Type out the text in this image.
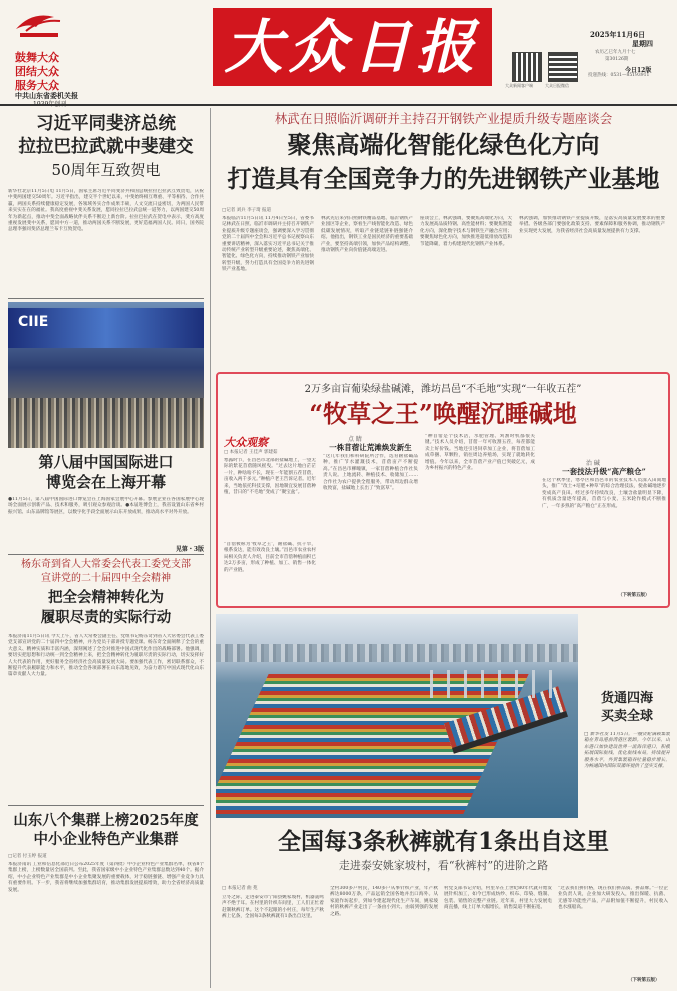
鼓舞大众
团结大众
服务大众
中共山东省委机关报
大众日报
大众新闻客户端	大众日报微信
2025年11月6日
星期四
农历乙巳年九月十七
第30126期
今日12版
投递热线：0531—85193911
习近平同斐济总统
拉拉巴拉武就中斐建交
50周年互致贺电
新华社北京11月5日电 11月5日，国家主席习近平同斐济共和国总统拉拉巴拉武互致贺电，庆祝中斐两国建交50周年。习近平指出，建交半个世纪以来，中斐始终相互尊重、平等相待、合作共赢，两国关系持续健康稳定发展，各领域务实合作成果丰硕，人文交流日益密切，为两国人民带来实实在在的福祉。我高度重视中斐关系发展，愿同拉拉巴拉武总统一道努力，以两国建交50周年为新起点，推动中斐全面战略伙伴关系不断迈上新台阶。拉拉巴拉武在贺电中表示，斐方高度重视发展斐中关系，愿同中方一道，推动两国关系不断发展，更好造福两国人民。同日，国务院总理李强同斐济总理兰布卡互致贺电。
CIIE
第八届中国国际进口
博览会在上海开幕
●11月5日，第八届中国国际进口博览会在上海国家会展中心开幕。参展企业在各国家展中心现场全面展示创新产品、技术和服务，吸引观众参观洽谈。●本届进博会上，我省设置山东省乡村振兴馆、山东品牌馆等展区，以数字化手段全面展示山东开放成果，推动高水平对外开放。
见第・3版
杨东奇到省人大常委会代表工委党支部
宣讲党的二十届四中全会精神
把全会精神转化为
履职尽责的实际行动
本报济南11月5日讯 今天上午，省人大常委会副主任、党组书记杨东奇到省人大常委会代表工委党支部宣讲党的二十届四中全会精神，并为党员干部讲授专题党课。杨东奇全面阐释了全会的重大意义、精神实质和丰富内涵，深刻阐述了全会对推进中国式现代化作出的战略部署。他强调，要切实把思想和行动统一到全会精神上来，把全会精神转化为履职尽责的实际行动，切实发挥好人大代表的作用，更好服务全省经济社会高质量发展大局。要加强代表工作，密切联系群众，不断提升代表履职能力和水平，推动全会各项部署在山东落地见效，为奋力谱写中国式现代化山东篇章贡献人大力量。
山东八个集群上榜2025年度
中小企业特色产业集群
□记者 付玉婷 报道
本报济南讯 工业和信息化部近日公布2025年度（第四批）中小企业特色产业集群名单，我省8个集群上榜，上榜数量居全国前列。至此，我省国家级中小企业特色产业集群总数达到40个。据介绍，中小企业特色产业集群是中小企业集聚发展的重要载体，对于稳链强链、增强产业竞争力具有重要作用。下一步，我省将继续加强集群培育，推动集群发展提质增效，助力全省经济高质量发展。
林武在日照临沂调研并主持召开钢铁产业提质升级专题座谈会
聚焦高端化智能化绿色化方向
打造具有全国竞争力的先进钢铁产业基地
□记者 刘兵 李子琦 报道
本报临沂11月5日讯 11月4日至5日，省委书记林武在日照、临沂市调研并主持召开钢铁产业提质升级专题座谈会，强调要深入学习贯彻党的二十届四中全会和习近平总书记视察山东重要讲话精神，深入落实习近平总书记关于推动传统产业转型升级重要论述，聚焦高端化、智能化、绿色化方向，持续推动钢铁产业加快转型升级，努力打造具有全国竞争力的先进钢铁产业基地。
林武先后来到日照钢铁精品基地、临沂钢铁产业园区等企业，察看生产线智能化改造、绿色低碳发展情况，听取产业链延链补链强链介绍。他指出，钢铁工业是国民经济的重要基础产业，要坚持高端引领，加快产品结构调整，推动钢铁产业向价值链高端迈进。
座谈会上，林武强调，要聚焦高端化方向，大力发展高品质特钢、高性能材料；要聚焦智能化方向，深化数字技术与钢铁生产融合应用；要聚焦绿色化方向，加快推进超低排放改造和节能降碳，着力构建现代化钢铁产业体系。
林武强调，加快推动钢铁产业提质升级，是落实高质量发展要求的重要举措。各级各部门要强化政策支持、要素保障和服务协调，推动钢铁产业实现更大发展，为我省经济社会高质量发展提供有力支撑。
2万多亩盲葡染绿盐碱滩，潍坊昌邑“不毛地”实现“一年收五茬”
“牧草之王”唤醒沉睡碱地
大众观察
□ 本报记者 王佳声 郭建茹
寒露时节，在昌邑市北部的盐碱地上，一望无际的紫花苜蓿随风摇曳。“过去这片地白茫茫一片，种啥啥不长，现在一年能割五茬苜蓿，亩收入两千多元。”种植户老王告诉记者。近年来，当地依托科技支撑，因地制宜发展苜蓿种植，昔日的“不毛地”变成了“聚宝盆”。
“苜蓿被称为‘牧草之王’，耐盐碱、抗干旱，根系发达，能有效改良土壤。”昌邑市农业农村局相关负责人介绍，目前全市苜蓿种植面积已达2万多亩，形成了种植、加工、销售一体化的产业链。
点 睛
一株苜蓿让荒滩焕发新生
“这几年我们和科研院所合作，选育耐盐碱品种，推广节水灌溉技术，苜蓿亩产不断提高。”在昌邑市柳疃镇，一家苜蓿种植合作社负责人说。上地流转、种植技术、收储加工……合作社为农户提供全程服务，带动周边群众增收致富，盐碱地上长出了“致富草”。
“种苜蓿是个技术活，水肥管理、刈割时机都很关键。”技术人员介绍，苜蓿一年可收割五茬，每茬都能卖上好价钱。当地还引进饲草加工企业，将苜蓿加工成草捆、草颗粒，销往周边养殖场，实现了就地转化增值。今年以来，全市苜蓿产业产值已突破亿元，成为乡村振兴的特色产业。
治 碱
一套技法升级“高产粮仓”
在这个秋季里，寒亭区和昌邑市的农业技术人员深入田间地头，推广“改土+培肥+种草”的综合治理技法，使盐碱地逐步变成高产良田。经过多年持续改良，土壤含盐量明显下降，有机质含量逐年提高，苜蓿与小麦、玉米轮作模式不断推广，一年多熟的“高产粮仓”正在形成。
（下转第五版）
货通四海
买卖全球
□ 新华社发 11月5日，一艘货轮满载集装箱在青岛港前湾港区装卸。今年以来，山东港口加快建设世界一流海洋港口，积极拓展国际航线，优化航线布局，持续提升服务水平，外贸集装箱吞吐量稳步增长，为畅通国内国际双循环提供了坚实支撑。
全国每3条秋裤就有1条出自这里
走进泰安姚家坡村，看“秋裤村”的进阶之路
□ 本报记者 曲 苑
立冬之际，走进泰安市宁阳县姚家坡村，机器轰鸣声不绝于耳。在村里的针织车间里，工人们正忙着赶制秋裤订单。这个不起眼的小村庄，每年生产秋裤上亿条，全国每3条秋裤就有1条出自这里。
全村300多户村民，140多户从事针织产业，年产秋裤达8000万条，产品远销全国各地并出口海外。从家庭作坊起步，到如今建起现代化生产车间，姚家坡村的秋裤产业走出了一条由小到大、由弱到强的发展之路。
村党支部书记介绍，村里早在上世纪80年代就开始发展针织加工，如今已形成纺纱、织布、印染、缝制、包装、销售的完整产业链。近年来，村里大力发展电商直播，线上订单大幅增长，销售渠道不断拓宽。
“过去我们拼价格，现在我们拼品质、拼品牌。”一位企业负责人说，企业加大研发投入，推出保暖、抗菌、无感等功能性产品，产品附加值不断提升，村民收入也水涨船高。
（下转第五版）
